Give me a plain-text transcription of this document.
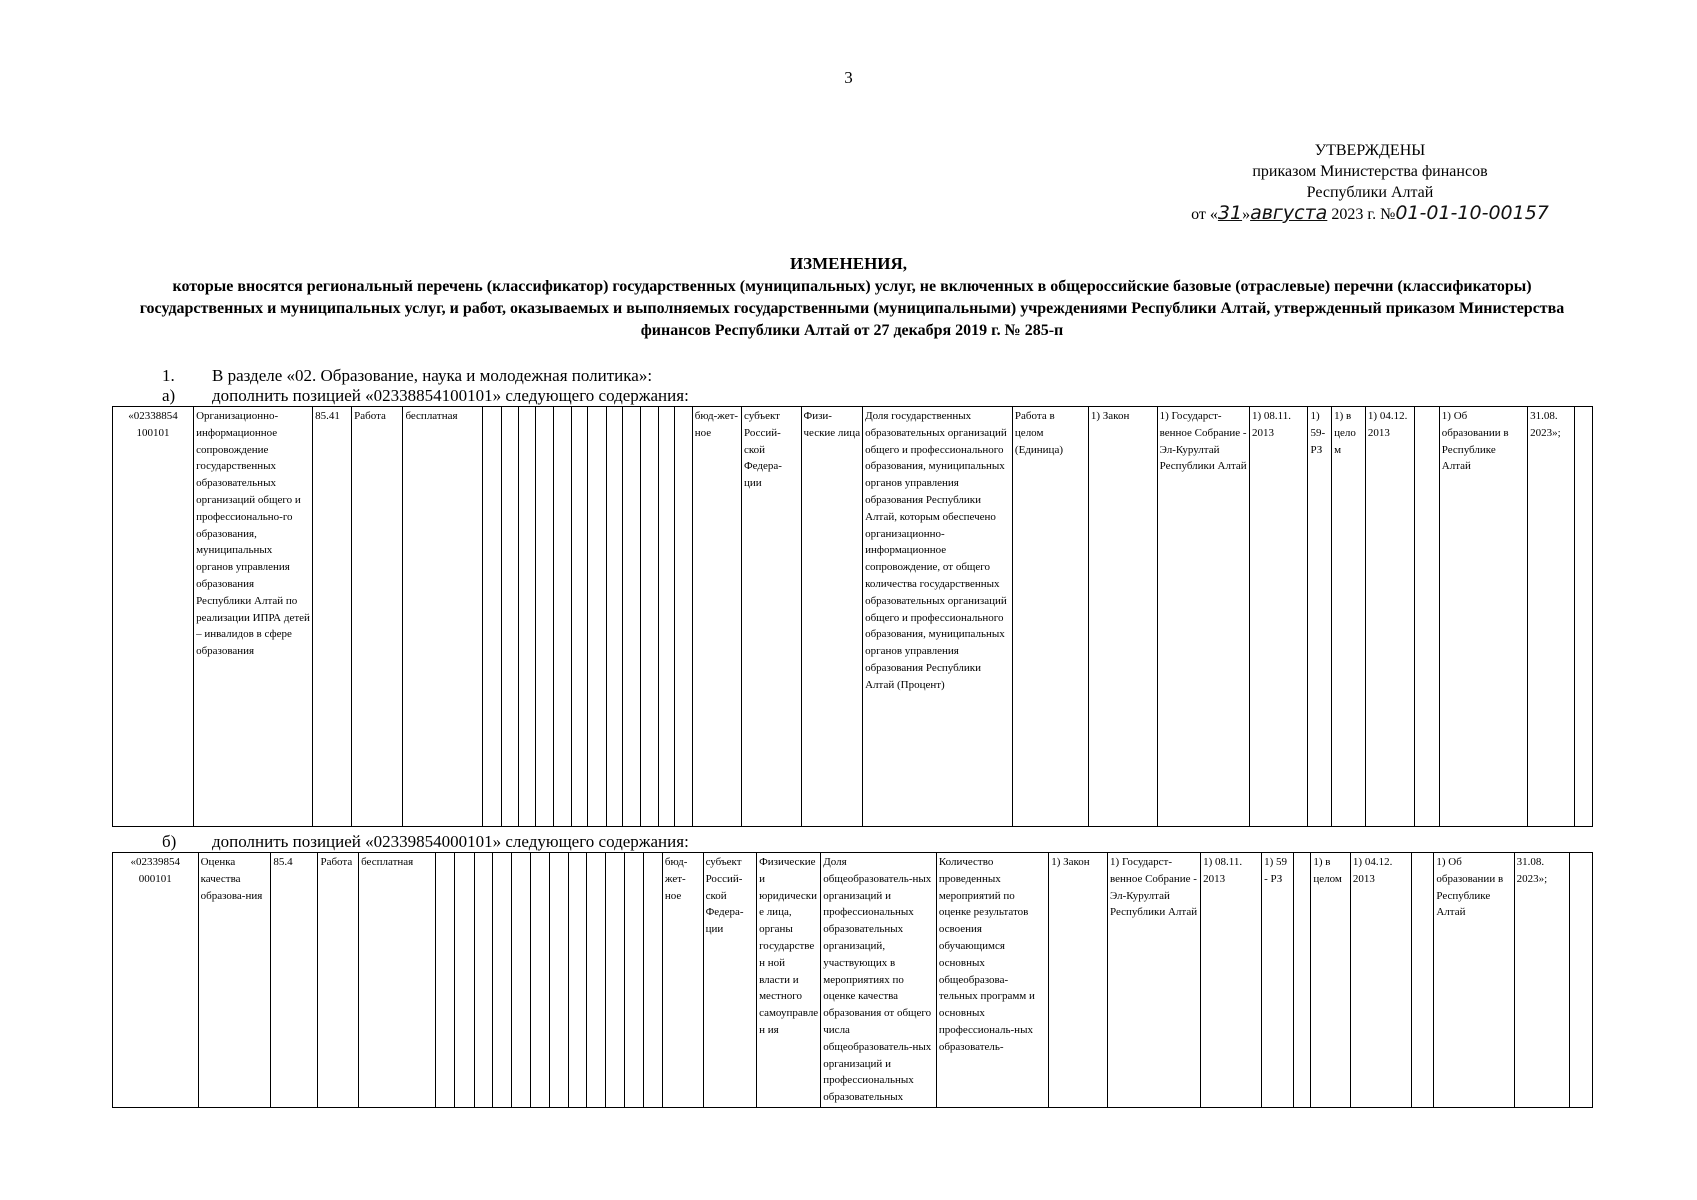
3
УТВЕРЖДЕНЫ
приказом Министерства финансов
Республики Алтай
от «31»августа 2023 г. №01-01-10-00157
ИЗМЕНЕНИЯ,
которые вносятся региональный перечень (классификатор) государственных (муниципальных) услуг, не включенных в общероссийские базовые (отраслевые) перечни (классификаторы) государственных и муниципальных услуг, и работ, оказываемых и выполняемых государственными (муниципальными) учреждениями Республики Алтай, утвержденный приказом Министерства финансов Республики Алтай от 27 декабря 2019 г. № 285-п
1. В разделе «02. Образование, наука и молодежная политика»:
а) дополнить позицией «02338854100101» следующего содержания:
«02338854 100101	Организационно-информационное сопровождение государственных образовательных организаций общего и профессионально-го образования, муниципальных органов управления образования Республики Алтай по реализации ИПРА детей – инвалидов в сфере образования	85.41	Работа	бесплатная													бюд-жет-ное	субъект Россий-ской Федера-ции	Физи-ческие лица	Доля государственных образовательных организаций общего и профессионального образования, муниципальных органов управления образования Республики Алтай, которым обеспечено организационно-информационное сопровождение, от общего количества государственных образовательных организаций общего и профессионального образования, муниципальных органов управления образования Республики Алтай (Процент)	Работа в целом (Единица)	1) Закон	1) Государст-венное Собрание - Эл-Курултай Республики Алтай	1) 08.11. 2013	1) 59-РЗ	1) в цело м	1) 04.12. 2013		1) Об образовании в Республике Алтай	31.08. 2023»;	
б) дополнить позицией «02339854000101» следующего содержания:
«02339854 000101	Оценка качества образова-ния	85.4	Работа	бесплатная													бюд-жет-ное	субъект Россий-ской Федера-ции	Физические и юридические лица, органы государствен ной власти и местного самоуправлен ия	Доля общеобразователь-ных организаций и профессиональных образовательных организаций, участвующих в мероприятиях по оценке качества образования от общего числа общеобразователь-ных организаций и профессиональных образовательных	Количество проведенных мероприятий по оценке результатов освоения обучающимся основных общеобразова-тельных программ и основных профессиональ-ных образователь-	1) Закон	1) Государст-венное Собрание - Эл-Курултай Республики Алтай	1) 08.11. 2013	1) 59 - РЗ		1) в целом	1) 04.12. 2013		1) Об образовании в Республике Алтай	31.08. 2023»;	
